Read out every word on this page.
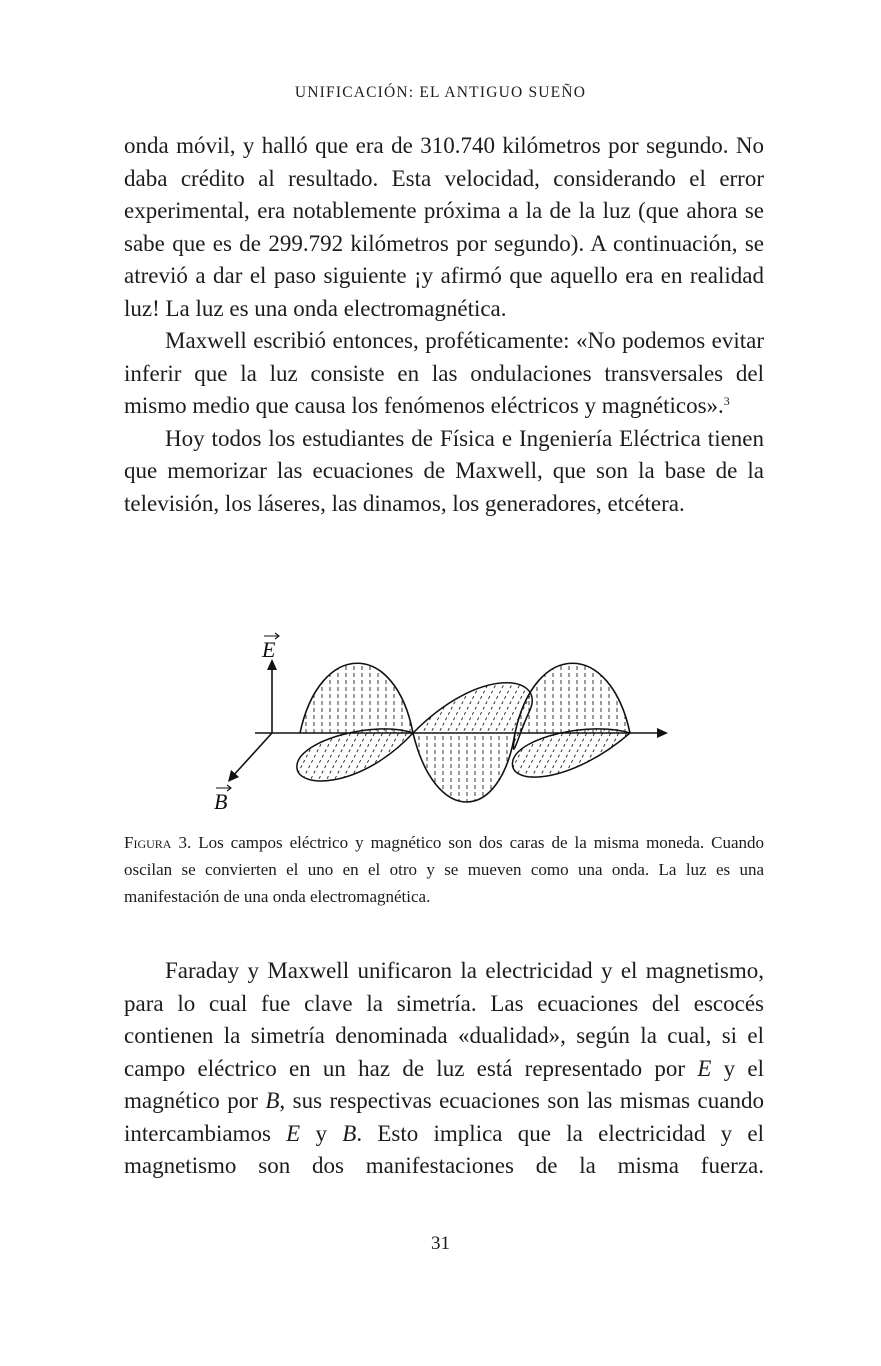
UNIFICACIÓN: EL ANTIGUO SUEÑO

onda móvil, y halló que era de 310.740 kilómetros por segundo. No daba crédito al resultado. Esta velocidad, considerando el error experimental, era notablemente próxima a la de la luz (que ahora se sabe que es de 299.792 kilómetros por segundo). A continuación, se atrevió a dar el paso siguiente ¡y afirmó que aquello era en realidad luz! La luz es una onda electromagnética.

Maxwell escribió entonces, proféticamente: «No podemos evitar inferir que la luz consiste en las ondulaciones transversales del mismo medio que causa los fenómenos eléctricos y magnéticos».$^3$

Hoy todos los estudiantes de Física e Ingeniería Eléctrica tienen que memorizar las ecuaciones de Maxwell, que son la base de la televisión, los láseres, las dinamos, los generadores, etcétera.

E
B
Figura 3. Los campos eléctrico y magnético son dos caras de la misma moneda. Cuando oscilan se convierten el uno en el otro y se mueven como una onda. La luz es una manifestación de una onda electromagnética.

Faraday y Maxwell unificaron la electricidad y el magnetismo, para lo cual fue clave la simetría. Las ecuaciones del escocés contienen la simetría denominada «dualidad», según la cual, si el campo eléctrico en un haz de luz está representado por E y el magnético por B, sus respectivas ecuaciones son las mismas cuando intercambiamos E y B. Esto implica que la electricidad y el magnetismo son dos manifestaciones de la misma fuerza.

31
